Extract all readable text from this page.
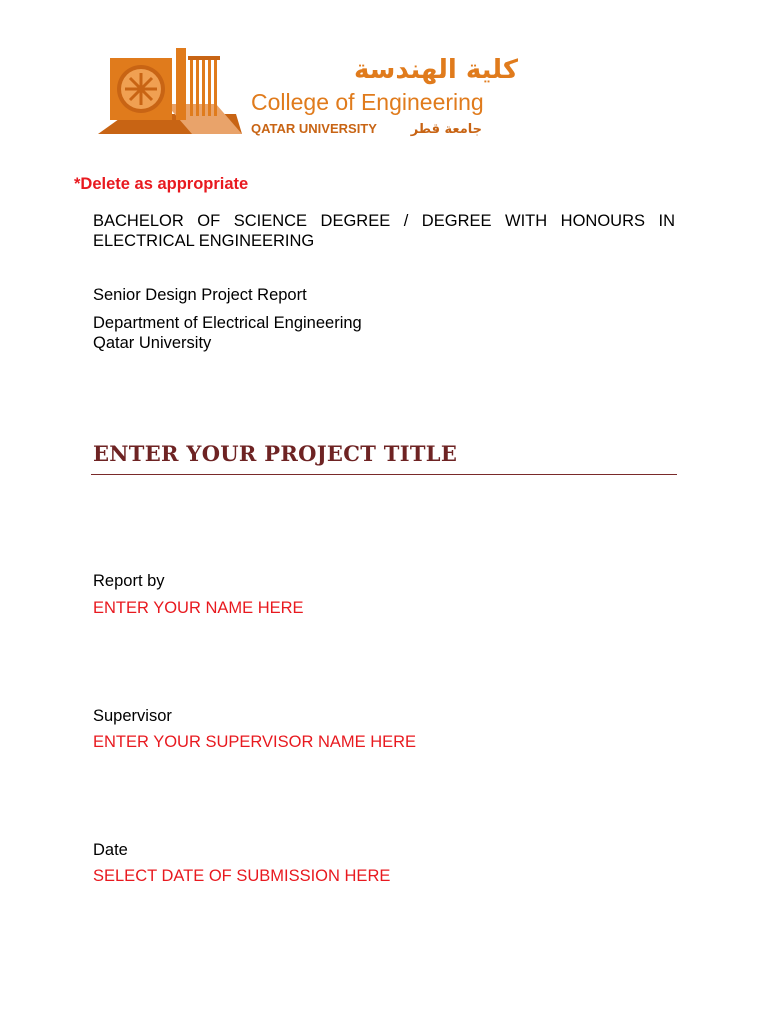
كلية الهندسة
College of Engineering
QATAR UNIVERSITY	جامعة قطر
*Delete as appropriate
BACHELOR OF SCIENCE DEGREE / DEGREE WITH HONOURS IN ELECTRICAL ENGINEERING
Senior Design Project Report
Department of Electrical Engineering
Qatar University
ENTER YOUR PROJECT TITLE
Report by
ENTER YOUR NAME HERE
Supervisor
ENTER YOUR SUPERVISOR NAME HERE
Date
SELECT DATE OF SUBMISSION HERE
